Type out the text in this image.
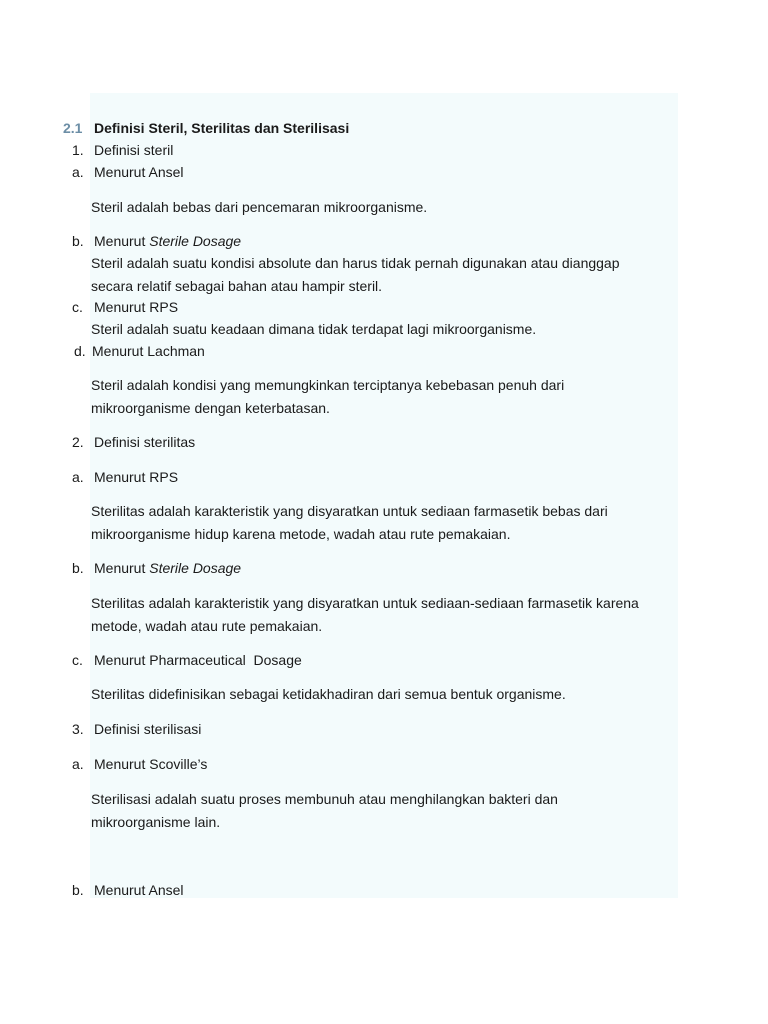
2.1 Definisi Steril, Sterilitas dan Sterilisasi
1. Definisi steril
a. Menurut Ansel
Steril adalah bebas dari pencemaran mikroorganisme.
b. Menurut Sterile Dosage
Steril adalah suatu kondisi absolute dan harus tidak pernah digunakan atau dianggap
secara relatif sebagai bahan atau hampir steril.
c. Menurut RPS
Steril adalah suatu keadaan dimana tidak terdapat lagi mikroorganisme.
d. Menurut Lachman
Steril adalah kondisi yang memungkinkan terciptanya kebebasan penuh dari
mikroorganisme dengan keterbatasan.
2. Definisi sterilitas
a. Menurut RPS
Sterilitas adalah karakteristik yang disyaratkan untuk sediaan farmasetik bebas dari
mikroorganisme hidup karena metode, wadah atau rute pemakaian.
b. Menurut Sterile Dosage
Sterilitas adalah karakteristik yang disyaratkan untuk sediaan-sediaan farmasetik karena
metode, wadah atau rute pemakaian.
c. Menurut Pharmaceutical  Dosage
Sterilitas didefinisikan sebagai ketidakhadiran dari semua bentuk organisme.
3. Definisi sterilisasi
a. Menurut Scoville’s
Sterilisasi adalah suatu proses membunuh atau menghilangkan bakteri dan
mikroorganisme lain.
b. Menurut Ansel
